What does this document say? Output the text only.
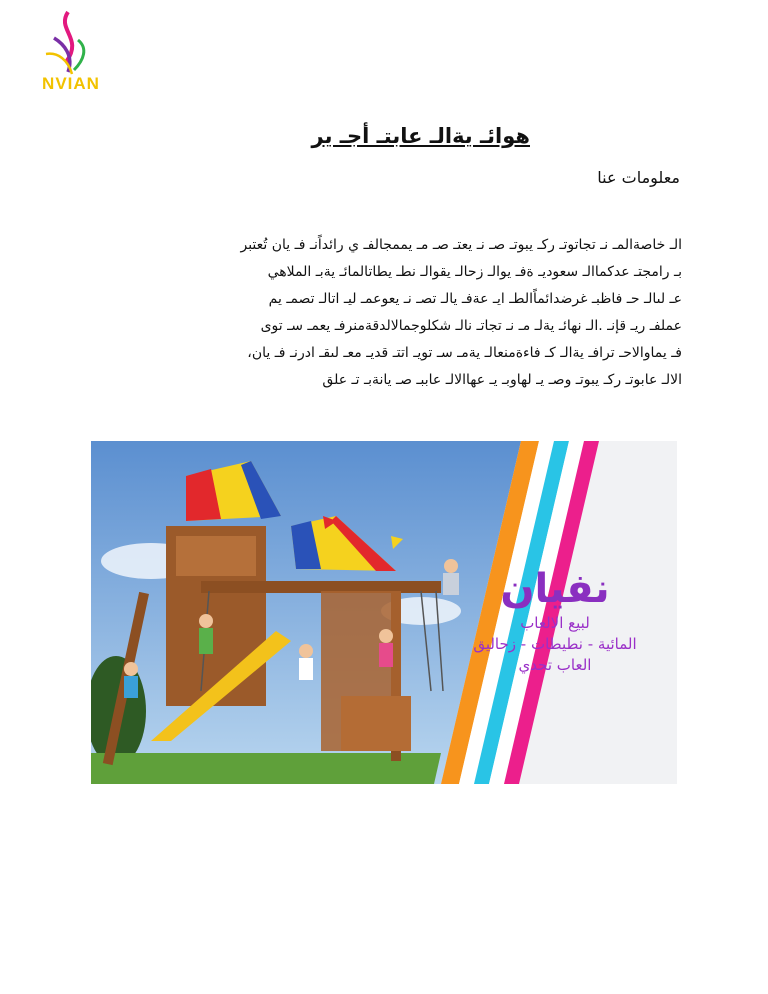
NVIAN
هوائـ يةالـ عابتـ أجـ ير
معلومات عنا

الـ خاصةالمـ نـ تجاتوتـ ركـ يبوتـ صـ نـ يعتـ صـ مـ يممجالفـ ي رائداًنـ فـ يان تُعتبر

بـ رامجتـ عدكماالـ سعوديـ ةفـ يوالـ زحالـ يقوالـ نطـ يطاتالمائـ يةبـ الملاهي

عـ لىالـ حـ فاظبـ غرضدائماًالطـ ايـ عةفـ يالـ تصـ نـ يعوعمـ ليـ اتالـ تصمـ يم

عملفـ ريـ قإنـ .الـ نهائـ يةلـ مـ نـ تجاتـ نالـ شكلوجمالالدقةمنرفـ يعمـ سـ توى

فـ يماوالاحـ ترافـ يةالـ كـ فاءةمنعالـ يةمـ سـ تويـ اتتـ قديـ معـ لىقـ ادرنـ فـ يان،

الالـ عابوتـ ركـ يبوتـ وصـ يـ لهاوبـ يـ عهاالالـ عاببـ صـ يانةبـ تـ علق

نفيان
لبيع الالعاب
المائية - نطيطات - زحاليق
العاب تحدي
